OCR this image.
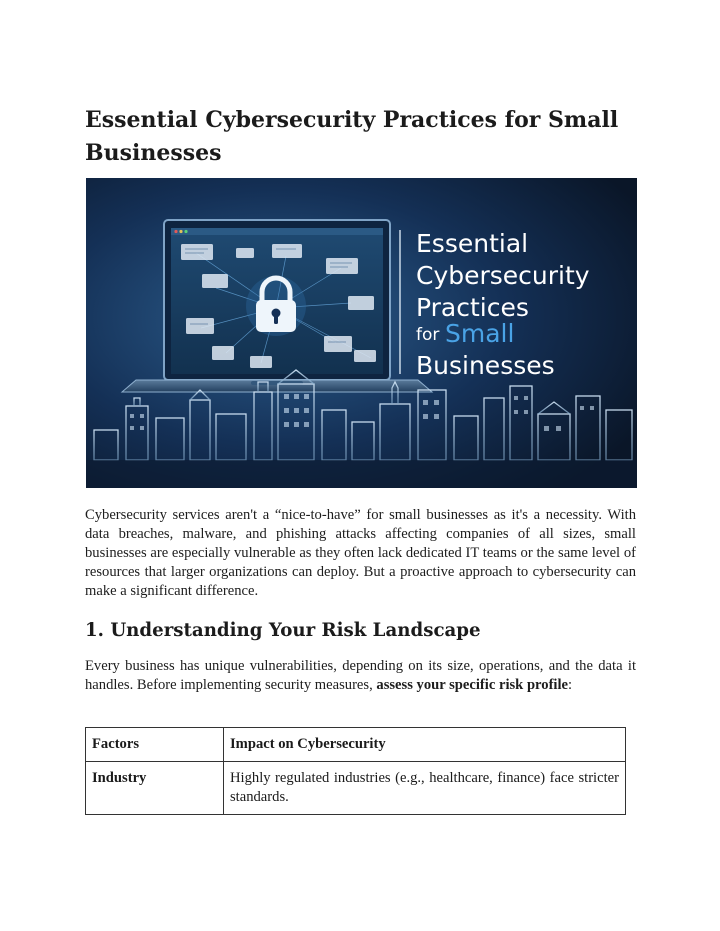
Essential Cybersecurity Practices for Small Businesses
Essential
Cybersecurity
Practices
for Small
Businesses

Cybersecurity services aren't a “nice-to-have” for small businesses as it's a necessity. With data breaches, malware, and phishing attacks affecting companies of all sizes, small businesses are especially vulnerable as they often lack dedicated IT teams or the same level of resources that larger organizations can deploy. But a proactive approach to cybersecurity can make a significant difference.

1. Understanding Your Risk Landscape

Every business has unique vulnerabilities, depending on its size, operations, and the data it handles. Before implementing security measures, assess your specific risk profile:

Factors	Impact on Cybersecurity
Industry	Highly regulated industries (e.g., healthcare, finance) face stricter standards.
